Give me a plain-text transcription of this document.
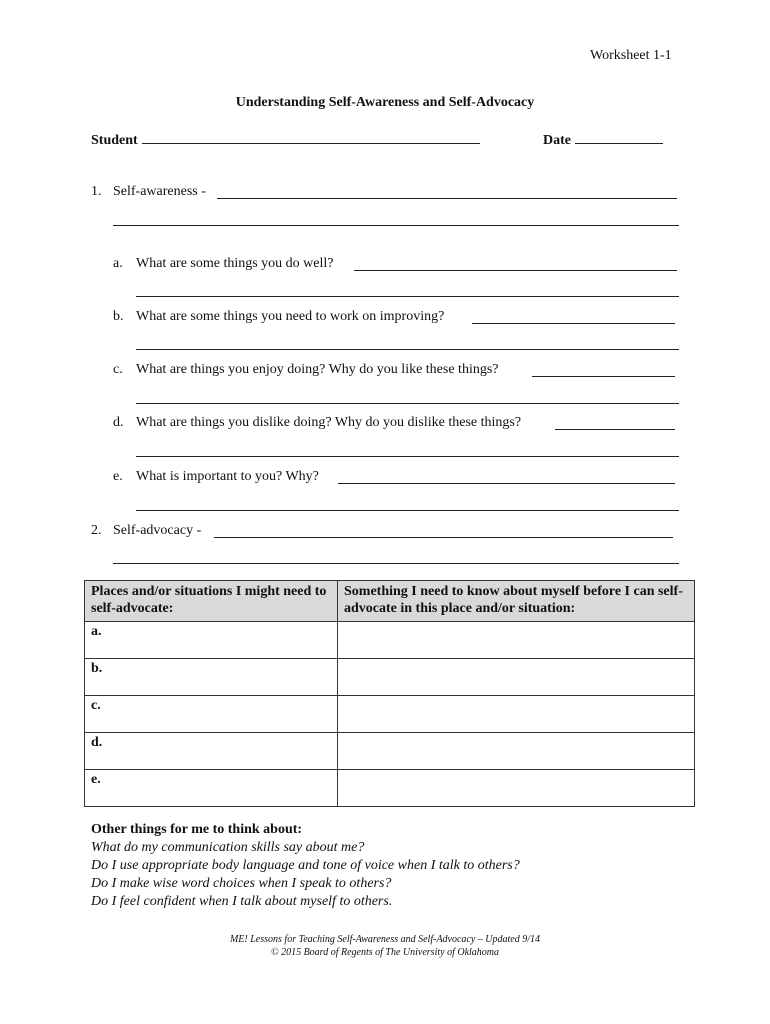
Worksheet 1-1
Understanding Self-Awareness and Self-Advocacy
Student	Date
1. Self-awareness -
a. What are some things you do well?
b. What are some things you need to work on improving?
c. What are things you enjoy doing? Why do you like these things?
d. What are things you dislike doing? Why do you dislike these things?
e. What is important to you? Why?
2. Self-advocacy -
Places and/or situations I might need to self-advocate:	Something I need to know about myself before I can self-advocate in this place and/or situation:
a.	
b.	
c.	
d.	
e.	
Other things for me to think about:
What do my communication skills say about me?
Do I use appropriate body language and tone of voice when I talk to others?
Do I make wise word choices when I speak to others?
Do I feel confident when I talk about myself to others.
ME! Lessons for Teaching Self-Awareness and Self-Advocacy – Updated 9/14
© 2015 Board of Regents of The University of Oklahoma
